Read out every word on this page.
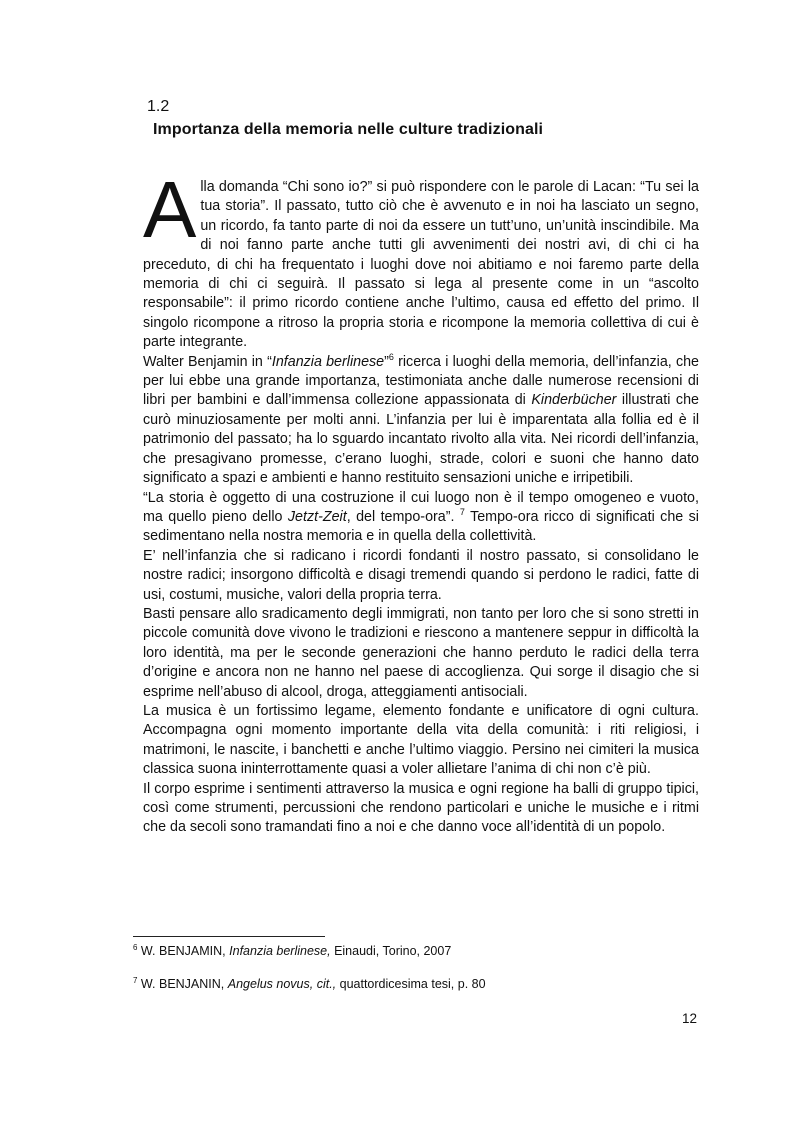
1.2
Importanza della memoria nelle culture tradizionali

Alla domanda “Chi sono io?” si può rispondere con le parole di Lacan: “Tu sei la tua storia”. Il passato, tutto ciò che è avvenuto e in noi ha lasciato un segno, un ricordo, fa tanto parte di noi da essere un tutt’uno, un’unità inscindibile. Ma di noi fanno parte anche tutti gli avvenimenti dei nostri avi, di chi ci ha preceduto, di chi ha frequentato i luoghi dove noi abitiamo e noi faremo parte della memoria di chi ci seguirà. Il passato si lega al presente come in un “ascolto responsabile”: il primo ricordo contiene anche l’ultimo, causa ed effetto del primo. Il singolo ricompone a ritroso la propria storia e ricompone la memoria collettiva di cui è parte integrante.

Walter Benjamin in “Infanzia berlinese”$^6$ ricerca i luoghi della memoria, dell’infanzia, che per lui ebbe una grande importanza, testimoniata anche dalle numerose recensioni di libri per bambini e dall’immensa collezione appassionata di Kinderbücher illustrati che curò minuziosamente per molti anni. L’infanzia per lui è imparentata alla follia ed è il patrimonio del passato; ha lo sguardo incantato rivolto alla vita. Nei ricordi dell’infanzia, che presagivano promesse, c’erano luoghi, strade, colori e suoni che hanno dato significato a spazi e ambienti e hanno restituito sensazioni uniche e irripetibili.

“La storia è oggetto di una costruzione il cui luogo non è il tempo omogeneo e vuoto, ma quello pieno dello Jetzt-Zeit, del tempo-ora”. $^7$ Tempo-ora ricco di significati che si sedimentano nella nostra memoria e in quella della collettività.

E’ nell’infanzia che si radicano i ricordi fondanti il nostro passato, si consolidano le nostre radici; insorgono difficoltà e disagi tremendi quando si perdono le radici, fatte di usi, costumi, musiche, valori della propria terra.

Basti pensare allo sradicamento degli immigrati, non tanto per loro che si sono stretti in piccole comunità dove vivono le tradizioni e riescono a mantenere seppur in difficoltà la loro identità, ma per le seconde generazioni che hanno perduto le radici della terra d’origine e ancora non ne hanno nel paese di accoglienza. Qui sorge il disagio che si esprime nell’abuso di alcool, droga, atteggiamenti antisociali.

La musica è un fortissimo legame, elemento fondante e unificatore di ogni cultura. Accompagna ogni momento importante della vita della comunità: i riti religiosi, i matrimoni, le nascite, i banchetti e anche l’ultimo viaggio. Persino nei cimiteri la musica classica suona ininterrottamente quasi a voler allietare l’anima di chi non c’è più.

Il corpo esprime i sentimenti attraverso la musica e ogni regione ha balli di gruppo tipici, così come strumenti, percussioni che rendono particolari e uniche le musiche e i ritmi che da secoli sono tramandati fino a noi e che danno voce all’identità di un popolo.

$^6$ W. BENJAMIN, Infanzia berlinese, Einaudi, Torino, 2007
$^7$ W. BENJANIN, Angelus novus, cit., quattordicesima tesi, p. 80
12
